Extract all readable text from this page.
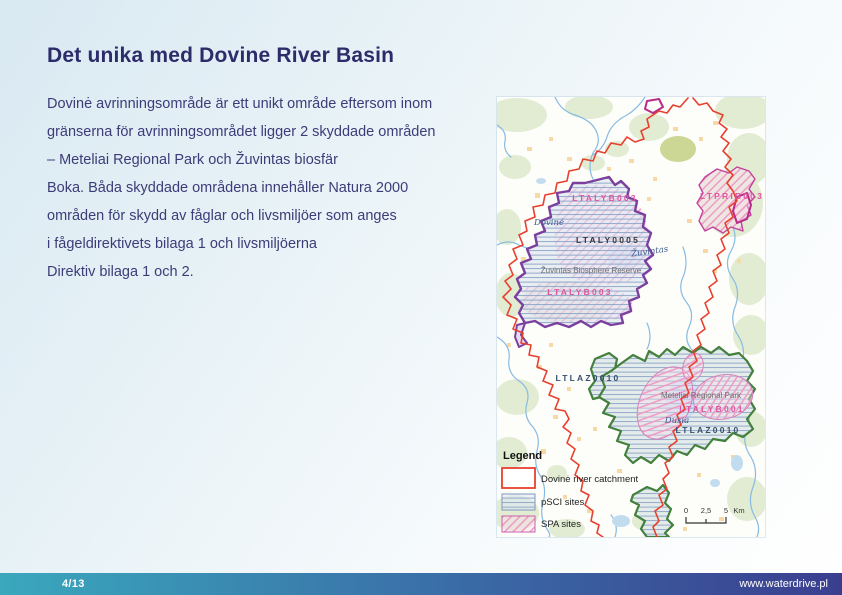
Det unika med Dovine River Basin
Dovinė avrinningsområde är ett unikt område eftersom inom
gränserna för avrinningsområdet ligger 2 skyddade områden
– Meteliai Regional Park och Žuvintas biosfär
Boka. Båda skyddade områdena innehåller Natura 2000
områden för skydd av fåglar och livsmiljöer som anges
i fågeldirektivets bilaga 1 och livsmiljöerna
Direktiv bilaga 1 och 2.
LTALYB003
LTALY0005
LTALYB003
LTPRIB003
LTLAZ0010
LTALYB001
LTLAZ0010
Žuvintas Biosphere Reserve
Meteliai Regional Park
Dovinė
Žuvintas
Dusia
Legend
Dovinė river catchment
pSCI sites
SPA sites
0 2,5 5 Km
4/13	www.waterdrive.pl
